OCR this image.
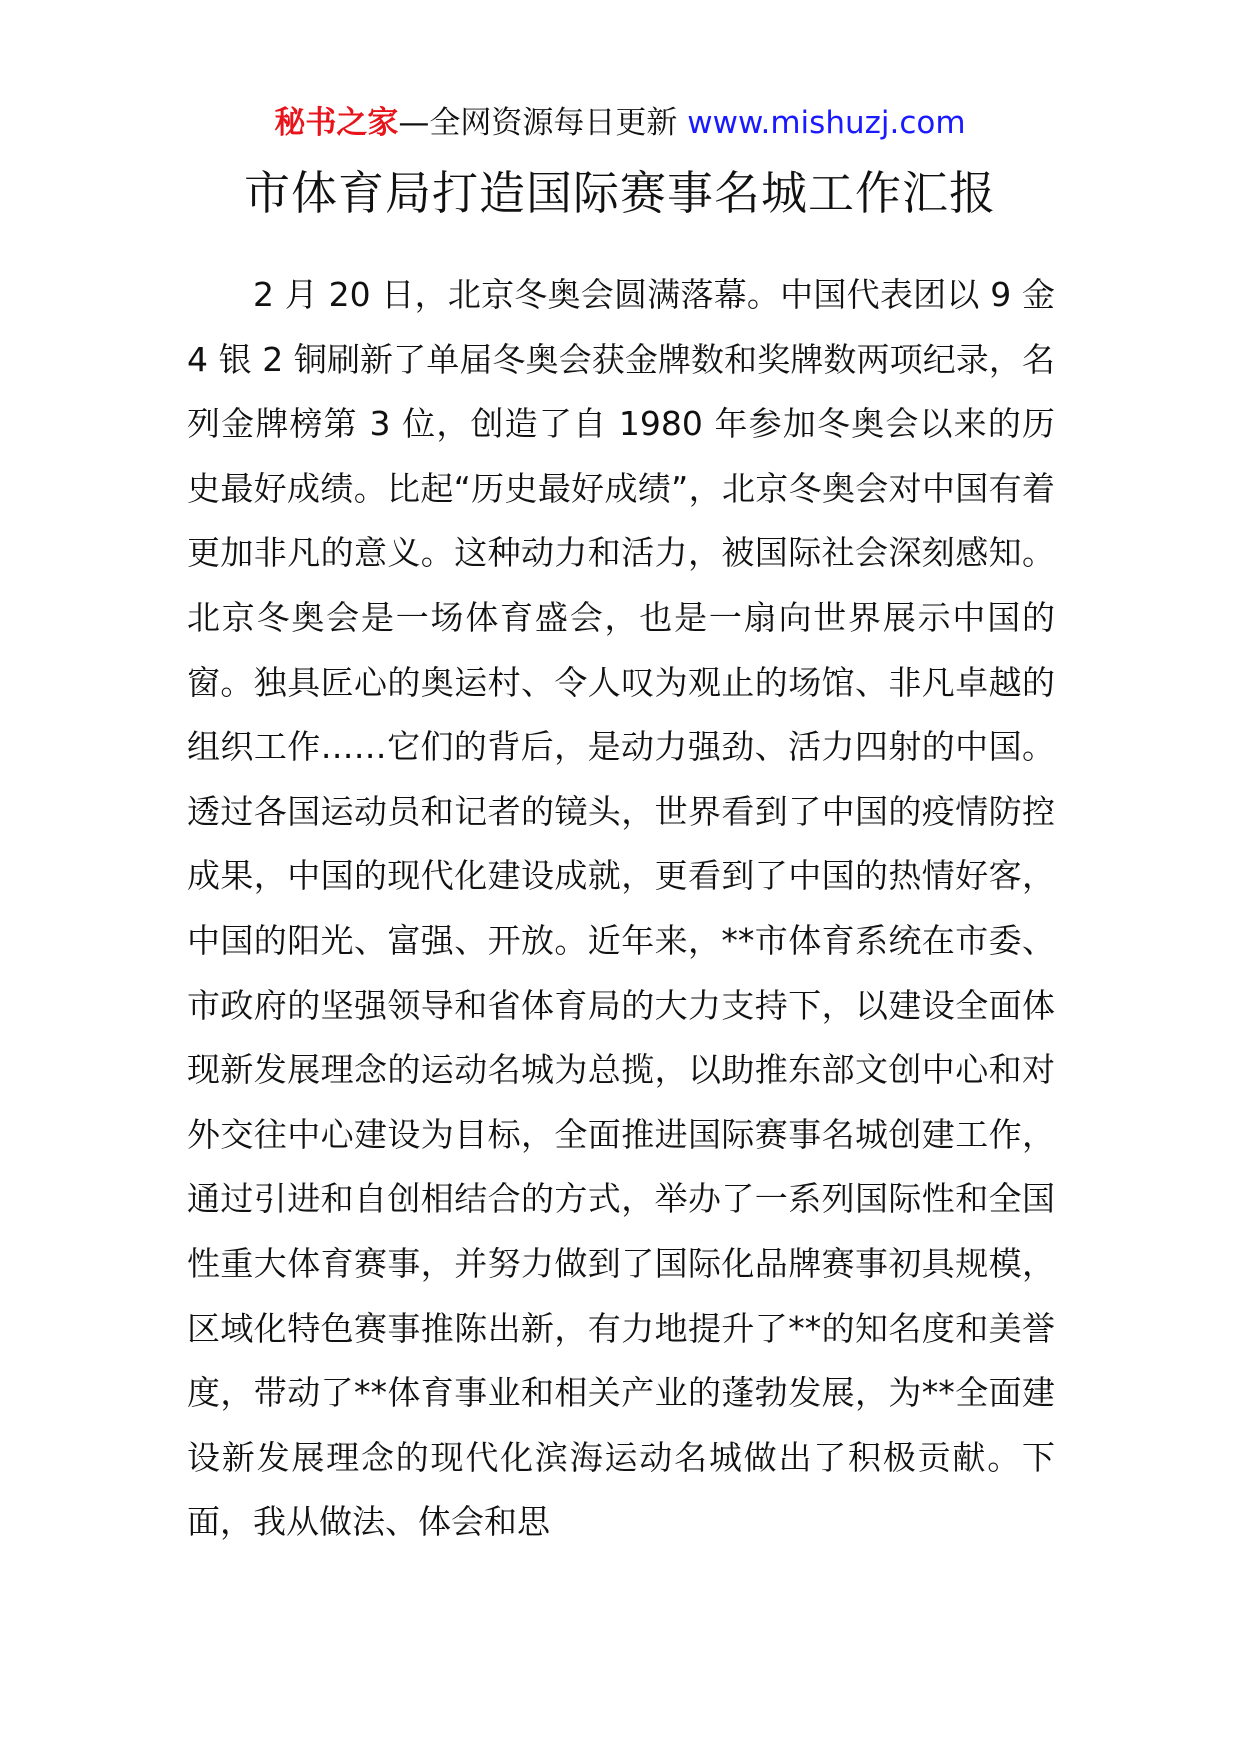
秘书之家—全网资源每日更新 www.mishuzj.com
市体育局打造国际赛事名城工作汇报

2 月 20 日，北京冬奥会圆满落幕。中国代表团以 9 金 4 银 2 铜刷新了单届冬奥会获金牌数和奖牌数两项纪录，名列金牌榜第 3 位，创造了自 1980 年参加冬奥会以来的历史最好成绩。比起“历史最好成绩”，北京冬奥会对中国有着更加非凡的意义。这种动力和活力，被国际社会深刻感知。北京冬奥会是一场体育盛会，也是一扇向世界展示中国的窗。独具匠心的奥运村、令人叹为观止的场馆、非凡卓越的组织工作……它们的背后，是动力强劲、活力四射的中国。透过各国运动员和记者的镜头，世界看到了中国的疫情防控成果，中国的现代化建设成就，更看到了中国的热情好客，中国的阳光、富强、开放。近年来，**市体育系统在市委、市政府的坚强领导和省体育局的大力支持下，以建设全面体现新发展理念的运动名城为总揽，以助推东部文创中心和对外交往中心建设为目标，全面推进国际赛事名城创建工作，通过引进和自创相结合的方式，举办了一系列国际性和全国性重大体育赛事，并努力做到了国际化品牌赛事初具规模，区域化特色赛事推陈出新，有力地提升了**的知名度和美誉度，带动了**体育事业和相关产业的蓬勃发展，为**全面建设新发展理念的现代化滨海运动名城做出了积极贡献。下面，我从做法、体会和思
